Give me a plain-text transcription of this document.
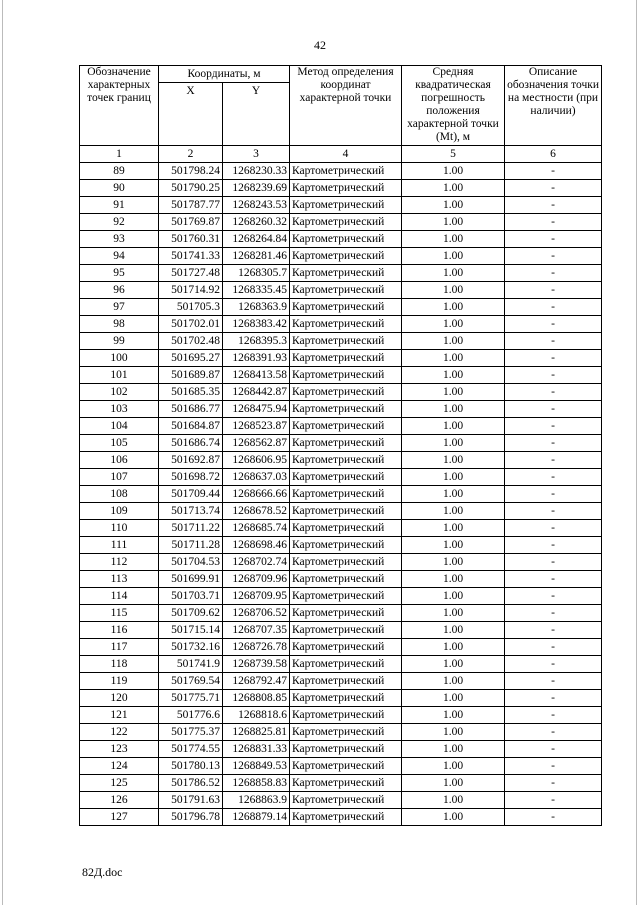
42
Обозначение характерных точек границ	Координаты, м		Метод определения координат характерной точки	Средняя квадратическая погрешность положения характерной точки (Mt), м	Описание обозначения точки на местности (при наличии)
	X	Y			
1	2	3	4	5	6
89	501798.24	1268230.33	Картометрический	1.00	-
90	501790.25	1268239.69	Картометрический	1.00	-
91	501787.77	1268243.53	Картометрический	1.00	-
92	501769.87	1268260.32	Картометрический	1.00	-
93	501760.31	1268264.84	Картометрический	1.00	-
94	501741.33	1268281.46	Картометрический	1.00	-
95	501727.48	1268305.7	Картометрический	1.00	-
96	501714.92	1268335.45	Картометрический	1.00	-
97	501705.3	1268363.9	Картометрический	1.00	-
98	501702.01	1268383.42	Картометрический	1.00	-
99	501702.48	1268395.3	Картометрический	1.00	-
100	501695.27	1268391.93	Картометрический	1.00	-
101	501689.87	1268413.58	Картометрический	1.00	-
102	501685.35	1268442.87	Картометрический	1.00	-
103	501686.77	1268475.94	Картометрический	1.00	-
104	501684.87	1268523.87	Картометрический	1.00	-
105	501686.74	1268562.87	Картометрический	1.00	-
106	501692.87	1268606.95	Картометрический	1.00	-
107	501698.72	1268637.03	Картометрический	1.00	-
108	501709.44	1268666.66	Картометрический	1.00	-
109	501713.74	1268678.52	Картометрический	1.00	-
110	501711.22	1268685.74	Картометрический	1.00	-
111	501711.28	1268698.46	Картометрический	1.00	-
112	501704.53	1268702.74	Картометрический	1.00	-
113	501699.91	1268709.96	Картометрический	1.00	-
114	501703.71	1268709.95	Картометрический	1.00	-
115	501709.62	1268706.52	Картометрический	1.00	-
116	501715.14	1268707.35	Картометрический	1.00	-
117	501732.16	1268726.78	Картометрический	1.00	-
118	501741.9	1268739.58	Картометрический	1.00	-
119	501769.54	1268792.47	Картометрический	1.00	-
120	501775.71	1268808.85	Картометрический	1.00	-
121	501776.6	1268818.6	Картометрический	1.00	-
122	501775.37	1268825.81	Картометрический	1.00	-
123	501774.55	1268831.33	Картометрический	1.00	-
124	501780.13	1268849.53	Картометрический	1.00	-
125	501786.52	1268858.83	Картометрический	1.00	-
126	501791.63	1268863.9	Картометрический	1.00	-
127	501796.78	1268879.14	Картометрический	1.00	-
82Д.doc
